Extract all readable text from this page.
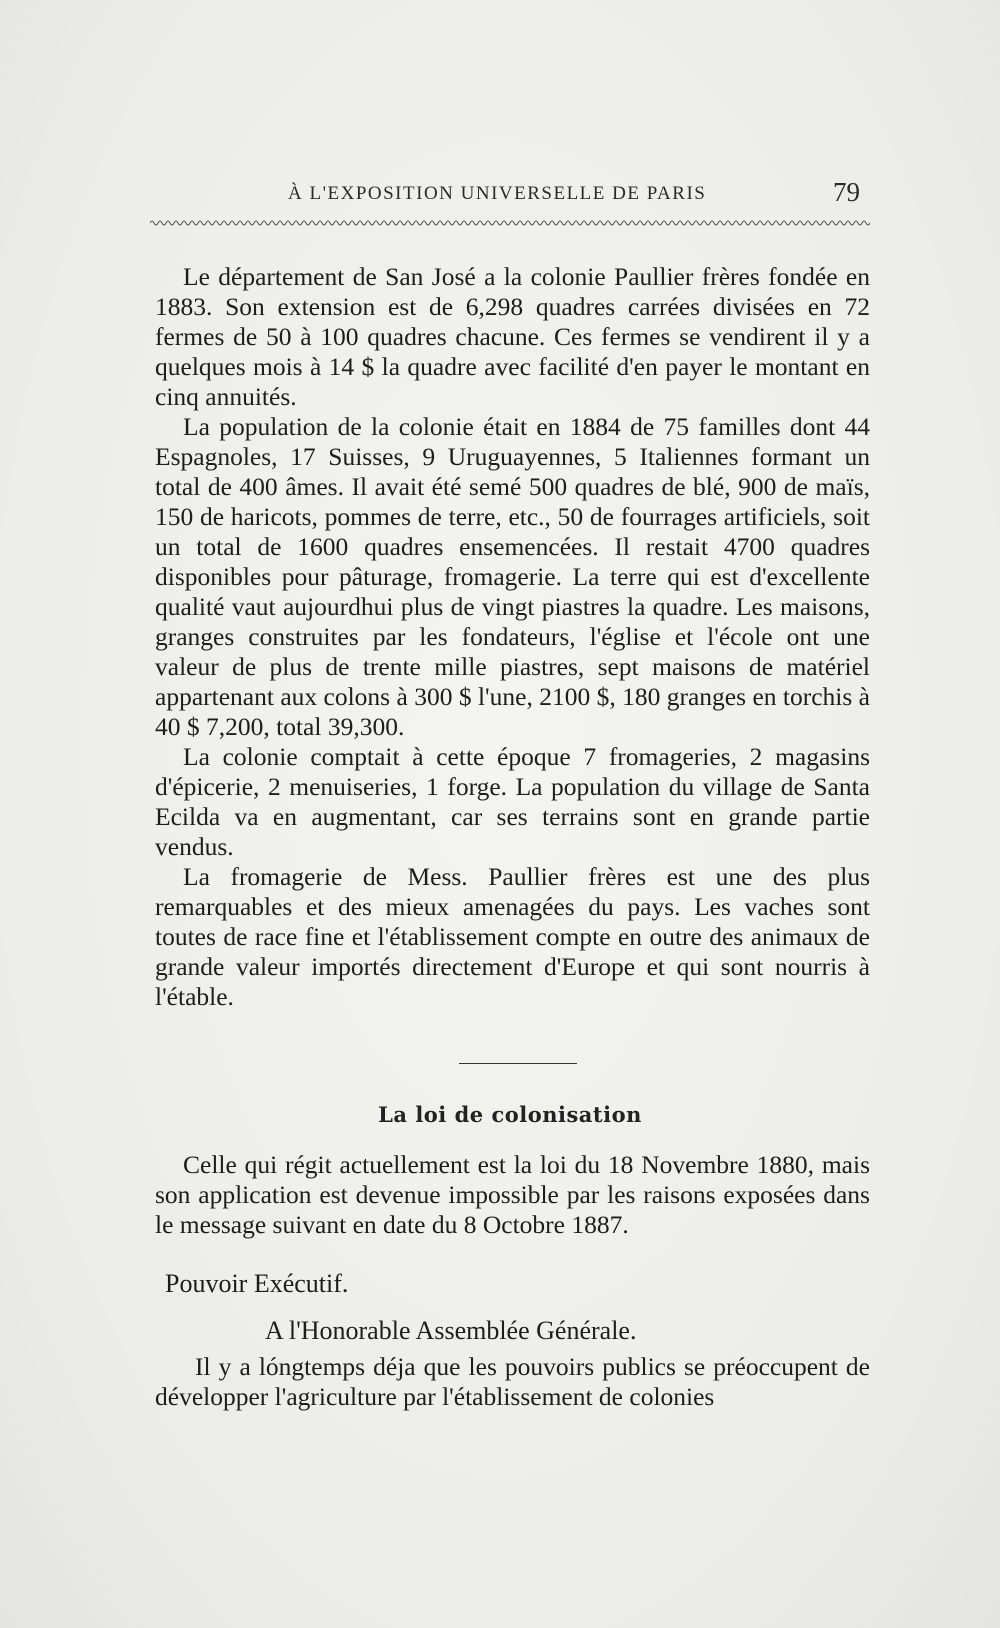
À L'EXPOSITION UNIVERSELLE DE PARIS	79

Le département de San José a la colonie Paullier frères fondée en 1883. Son extension est de 6,298 quadres carrées divisées en 72 fermes de 50 à 100 quadres chacune. Ces fermes se vendirent il y a quelques mois à 14 $ la quadre avec facilité d'en payer le montant en cinq annuités.

La population de la colonie était en 1884 de 75 familles dont 44 Espagnoles, 17 Suisses, 9 Uruguayennes, 5 Italiennes formant un total de 400 âmes. Il avait été semé 500 quadres de blé, 900 de maïs, 150 de haricots, pommes de terre, etc., 50 de fourrages artificiels, soit un total de 1600 quadres ensemencées. Il restait 4700 quadres disponibles pour pâturage, fromagerie. La terre qui est d'excellente qualité vaut aujourdhui plus de vingt piastres la quadre. Les maisons, granges construites par les fondateurs, l'église et l'école ont une valeur de plus de trente mille piastres, sept maisons de matériel appartenant aux colons à 300 $ l'une, 2100 $, 180 granges en torchis à 40 $ 7,200, total 39,300.

La colonie comptait à cette époque 7 fromageries, 2 magasins d'épicerie, 2 menuiseries, 1 forge. La population du village de Santa Ecilda va en augmentant, car ses terrains sont en grande partie vendus.

La fromagerie de Mess. Paullier frères est une des plus remarquables et des mieux amenagées du pays. Les vaches sont toutes de race fine et l'établissement compte en outre des animaux de grande valeur importés directement d'Europe et qui sont nourris à l'étable.

La loi de colonisation

Celle qui régit actuellement est la loi du 18 Novembre 1880, mais son application est devenue impossible par les raisons exposées dans le message suivant en date du 8 Octobre 1887.

Pouvoir Exécutif.
A l'Honorable Assemblée Générale.

Il y a lóngtemps déja que les pouvoirs publics se préoccupent de développer l'agriculture par l'établissement de colonies
